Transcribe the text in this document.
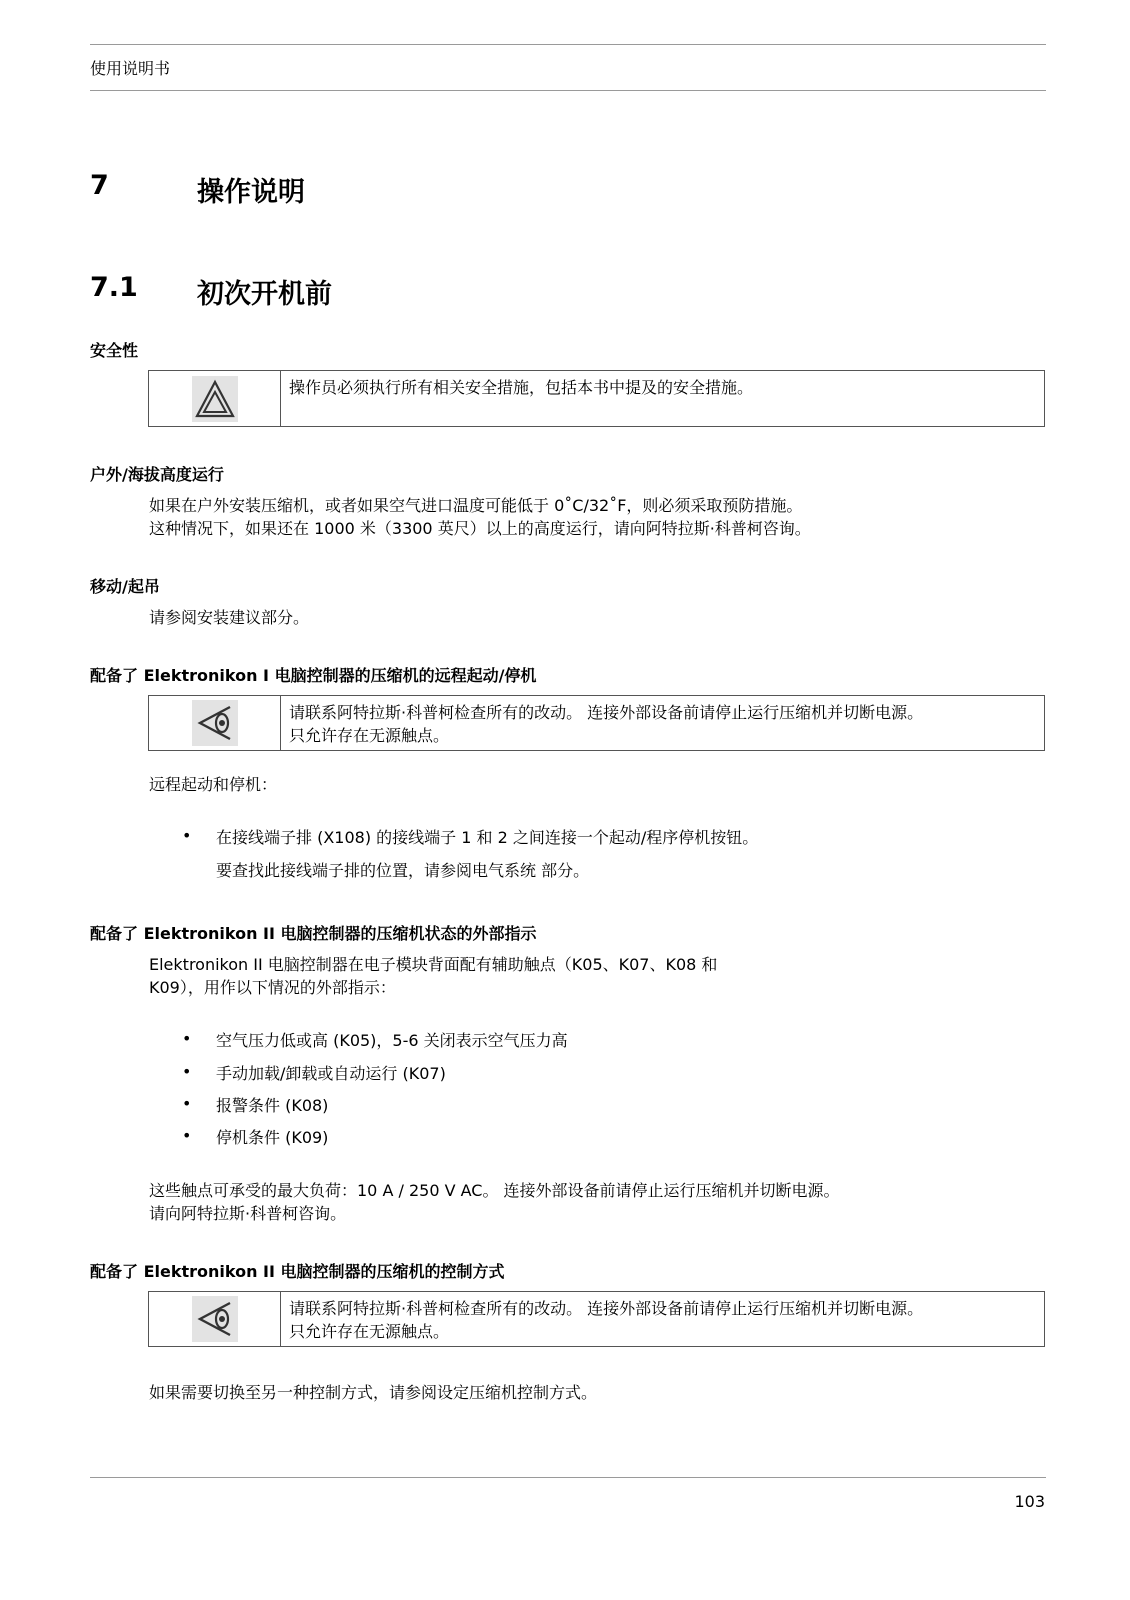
使用说明书
7	操作说明
7.1 初次开机前
安全性
操作员必须执行所有相关安全措施，包括本书中提及的安全措施。
户外/海拔高度运行
如果在户外安装压缩机，或者如果空气进口温度可能低于 0˚C/32˚F，则必须采取预防措施。
这种情况下，如果还在 1000 米（3300 英尺）以上的高度运行，请向阿特拉斯·科普柯咨询。
移动/起吊
请参阅安装建议部分。
配备了 Elektronikon I 电脑控制器的压缩机的远程起动/停机
请联系阿特拉斯·科普柯检查所有的改动。 连接外部设备前请停止运行压缩机并切断电源。
只允许存在无源触点。
远程起动和停机：
• 在接线端子排 (X108) 的接线端子 1 和 2 之间连接一个起动/程序停机按钮。
要查找此接线端子排的位置，请参阅电气系统 部分。
配备了 Elektronikon II 电脑控制器的压缩机状态的外部指示
Elektronikon II 电脑控制器在电子模块背面配有辅助触点（K05、K07、K08 和
K09），用作以下情况的外部指示：
• 空气压力低或高 (K05)，5-6 关闭表示空气压力高
• 手动加载/卸载或自动运行 (K07)
• 报警条件 (K08)
• 停机条件 (K09)
这些触点可承受的最大负荷：10 A / 250 V AC。 连接外部设备前请停止运行压缩机并切断电源。
请向阿特拉斯·科普柯咨询。
配备了 Elektronikon II 电脑控制器的压缩机的控制方式
请联系阿特拉斯·科普柯检查所有的改动。 连接外部设备前请停止运行压缩机并切断电源。
只允许存在无源触点。
如果需要切换至另一种控制方式，请参阅设定压缩机控制方式。
103
